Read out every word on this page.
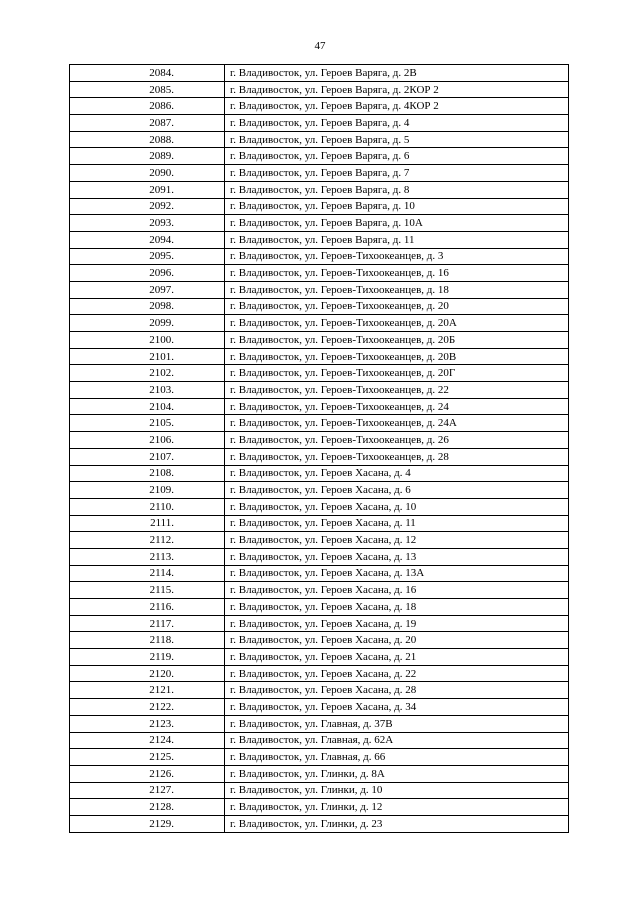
47
2084.	г. Владивосток, ул. Героев Варяга, д. 2В
2085.	г. Владивосток, ул. Героев Варяга, д. 2КОР 2
2086.	г. Владивосток, ул. Героев Варяга, д. 4КОР 2
2087.	г. Владивосток, ул. Героев Варяга, д. 4
2088.	г. Владивосток, ул. Героев Варяга, д. 5
2089.	г. Владивосток, ул. Героев Варяга, д. 6
2090.	г. Владивосток, ул. Героев Варяга, д. 7
2091.	г. Владивосток, ул. Героев Варяга, д. 8
2092.	г. Владивосток, ул. Героев Варяга, д. 10
2093.	г. Владивосток, ул. Героев Варяга, д. 10А
2094.	г. Владивосток, ул. Героев Варяга, д. 11
2095.	г. Владивосток, ул. Героев-Тихоокеанцев, д. 3
2096.	г. Владивосток, ул. Героев-Тихоокеанцев, д. 16
2097.	г. Владивосток, ул. Героев-Тихоокеанцев, д. 18
2098.	г. Владивосток, ул. Героев-Тихоокеанцев, д. 20
2099.	г. Владивосток, ул. Героев-Тихоокеанцев, д. 20А
2100.	г. Владивосток, ул. Героев-Тихоокеанцев, д. 20Б
2101.	г. Владивосток, ул. Героев-Тихоокеанцев, д. 20В
2102.	г. Владивосток, ул. Героев-Тихоокеанцев, д. 20Г
2103.	г. Владивосток, ул. Героев-Тихоокеанцев, д. 22
2104.	г. Владивосток, ул. Героев-Тихоокеанцев, д. 24
2105.	г. Владивосток, ул. Героев-Тихоокеанцев, д. 24А
2106.	г. Владивосток, ул. Героев-Тихоокеанцев, д. 26
2107.	г. Владивосток, ул. Героев-Тихоокеанцев, д. 28
2108.	г. Владивосток, ул. Героев Хасана, д. 4
2109.	г. Владивосток, ул. Героев Хасана, д. 6
2110.	г. Владивосток, ул. Героев Хасана, д. 10
2111.	г. Владивосток, ул. Героев Хасана, д. 11
2112.	г. Владивосток, ул. Героев Хасана, д. 12
2113.	г. Владивосток, ул. Героев Хасана, д. 13
2114.	г. Владивосток, ул. Героев Хасана, д. 13А
2115.	г. Владивосток, ул. Героев Хасана, д. 16
2116.	г. Владивосток, ул. Героев Хасана, д. 18
2117.	г. Владивосток, ул. Героев Хасана, д. 19
2118.	г. Владивосток, ул. Героев Хасана, д. 20
2119.	г. Владивосток, ул. Героев Хасана, д. 21
2120.	г. Владивосток, ул. Героев Хасана, д. 22
2121.	г. Владивосток, ул. Героев Хасана, д. 28
2122.	г. Владивосток, ул. Героев Хасана, д. 34
2123.	г. Владивосток, ул. Главная, д. 37В
2124.	г. Владивосток, ул. Главная, д. 62А
2125.	г. Владивосток, ул. Главная, д. 66
2126.	г. Владивосток, ул. Глинки, д. 8А
2127.	г. Владивосток, ул. Глинки, д. 10
2128.	г. Владивосток, ул. Глинки, д. 12
2129.	г. Владивосток, ул. Глинки, д. 23
